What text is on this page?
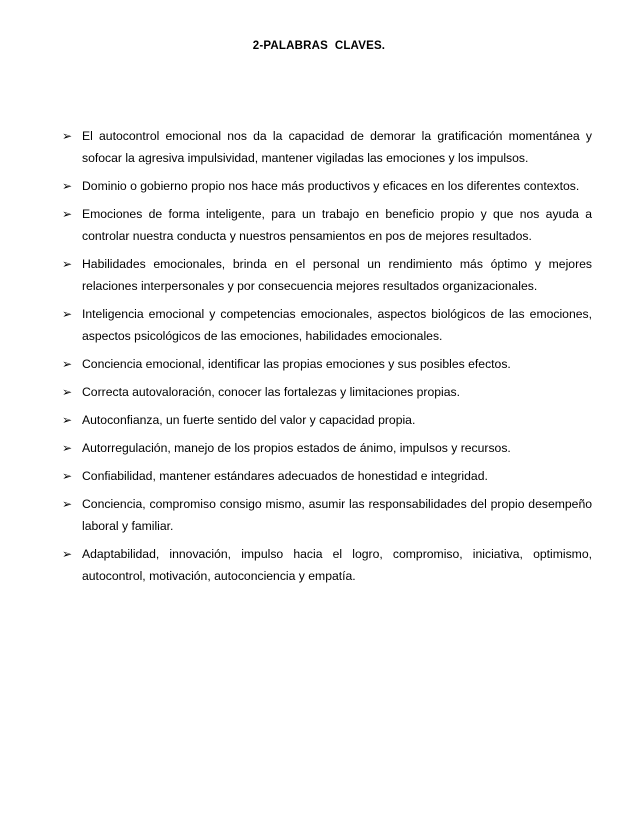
2-PALABRAS  CLAVES.
➢ El autocontrol emocional nos da la capacidad de demorar la gratificación momentánea y sofocar la agresiva impulsividad, mantener vigiladas las emociones y los impulsos.
➢ Dominio o gobierno propio nos hace más productivos y eficaces en los diferentes contextos.
➢ Emociones de forma inteligente, para un trabajo en beneficio propio y que nos ayuda a controlar nuestra conducta y nuestros pensamientos en pos de mejores resultados.
➢ Habilidades emocionales, brinda en el personal un rendimiento más óptimo y mejores relaciones interpersonales y por consecuencia mejores resultados organizacionales.
➢ Inteligencia emocional y competencias emocionales, aspectos biológicos de las emociones, aspectos psicológicos de las emociones, habilidades emocionales.
➢ Conciencia emocional, identificar las propias emociones y sus posibles efectos.
➢ Correcta autovaloración, conocer las fortalezas y limitaciones propias.
➢ Autoconfianza, un fuerte sentido del valor y capacidad propia.
➢ Autorregulación, manejo de los propios estados de ánimo, impulsos y recursos.
➢ Confiabilidad, mantener estándares adecuados de honestidad e integridad.
➢ Conciencia, compromiso consigo mismo, asumir las responsabilidades del propio desempeño laboral y familiar.
➢ Adaptabilidad, innovación, impulso hacia el logro, compromiso, iniciativa, optimismo, autocontrol, motivación, autoconciencia y empatía.
